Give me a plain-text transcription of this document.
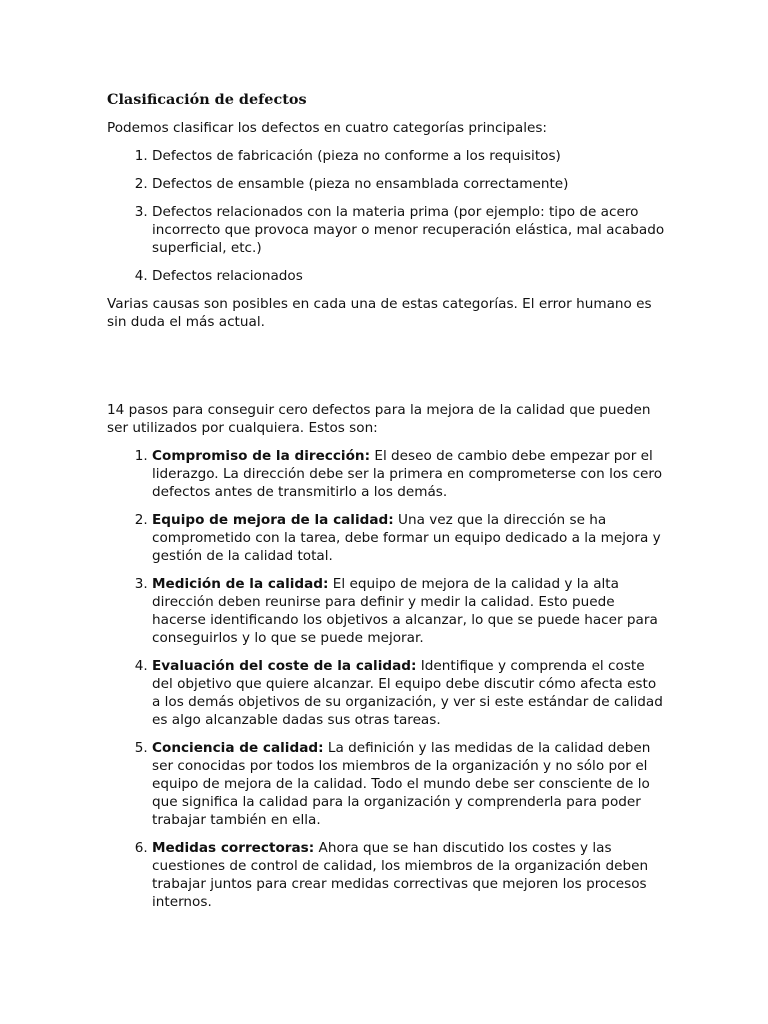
Clasificación de defectos

Podemos clasificar los defectos en cuatro categorías principales:

1. Defectos de fabricación (pieza no conforme a los requisitos)
2. Defectos de ensamble (pieza no ensamblada correctamente)
3. Defectos relacionados con la materia prima (por ejemplo: tipo de acero incorrecto que provoca mayor o menor recuperación elástica, mal acabado superficial, etc.)
4. Defectos relacionados

Varias causas son posibles en cada una de estas categorías. El error humano es sin duda el más actual.

14 pasos para conseguir cero defectos para la mejora de la calidad que pueden ser utilizados por cualquiera. Estos son:

1. Compromiso de la dirección: El deseo de cambio debe empezar por el liderazgo. La dirección debe ser la primera en comprometerse con los cero defectos antes de transmitirlo a los demás.
2. Equipo de mejora de la calidad: Una vez que la dirección se ha comprometido con la tarea, debe formar un equipo dedicado a la mejora y gestión de la calidad total.
3. Medición de la calidad: El equipo de mejora de la calidad y la alta dirección deben reunirse para definir y medir la calidad. Esto puede hacerse identificando los objetivos a alcanzar, lo que se puede hacer para conseguirlos y lo que se puede mejorar.
4. Evaluación del coste de la calidad: Identifique y comprenda el coste del objetivo que quiere alcanzar. El equipo debe discutir cómo afecta esto a los demás objetivos de su organización, y ver si este estándar de calidad es algo alcanzable dadas sus otras tareas.
5. Conciencia de calidad: La definición y las medidas de la calidad deben ser conocidas por todos los miembros de la organización y no sólo por el equipo de mejora de la calidad. Todo el mundo debe ser consciente de lo que significa la calidad para la organización y comprenderla para poder trabajar también en ella.
6. Medidas correctoras: Ahora que se han discutido los costes y las cuestiones de control de calidad, los miembros de la organización deben trabajar juntos para crear medidas correctivas que mejoren los procesos internos.
